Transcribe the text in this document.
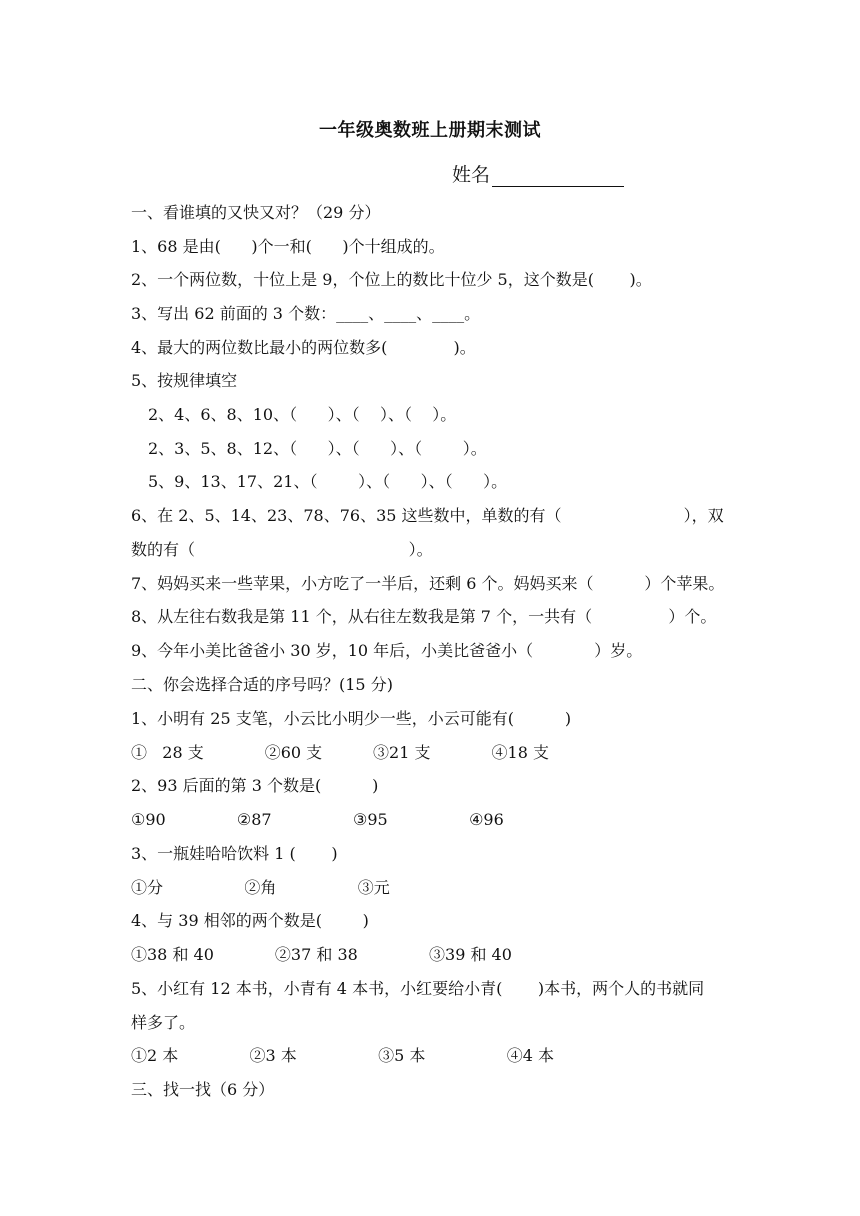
一年级奥数班上册期末测试
姓名
一、看谁填的又快又对？（29 分）
1、68 是由(      )个一和(      )个十组成的。
2、一个两位数，十位上是 9，个位上的数比十位少 5，这个数是(       )。
3、写出 62 前面的 3 个数：____、____、____。
4、最大的两位数比最小的两位数多(             )。
5、按规律填空
2、4、6、8、10、（      ）、（    ）、（    ）。
2、3、5、8、12、（      ）、（      ）、（        ）。
5、9、13、17、21、（        ）、（      ）、（      ）。
6、在 2、5、14、23、78、76、35 这些数中，单数的有（                        ），双
数的有（                                          ）。
7、妈妈买来一些苹果，小方吃了一半后，还剩 6 个。妈妈买来（          ）个苹果。
8、从左往右数我是第 11 个，从右往左数我是第 7 个，一共有（               ）个。
9、今年小美比爸爸小 30 岁，10 年后，小美比爸爸小（            ）岁。
二、你会选择合适的序号吗？(15 分)
1、小明有 25 支笔，小云比小明少一些，小云可能有(          )
①   28 支            ②60 支          ③21 支            ④18 支
2、93 后面的第 3 个数是(          )
①90              ②87                ③95                ④96
3、一瓶娃哈哈饮料 1 (       )
①分                ②角                ③元
4、与 39 相邻的两个数是(        )
①38 和 40            ②37 和 38              ③39 和 40
5、小红有 12 本书，小青有 4 本书，小红要给小青(       )本书，两个人的书就同
样多了。
①2 本              ②3 本                ③5 本                ④4 本
三、找一找（6 分）
